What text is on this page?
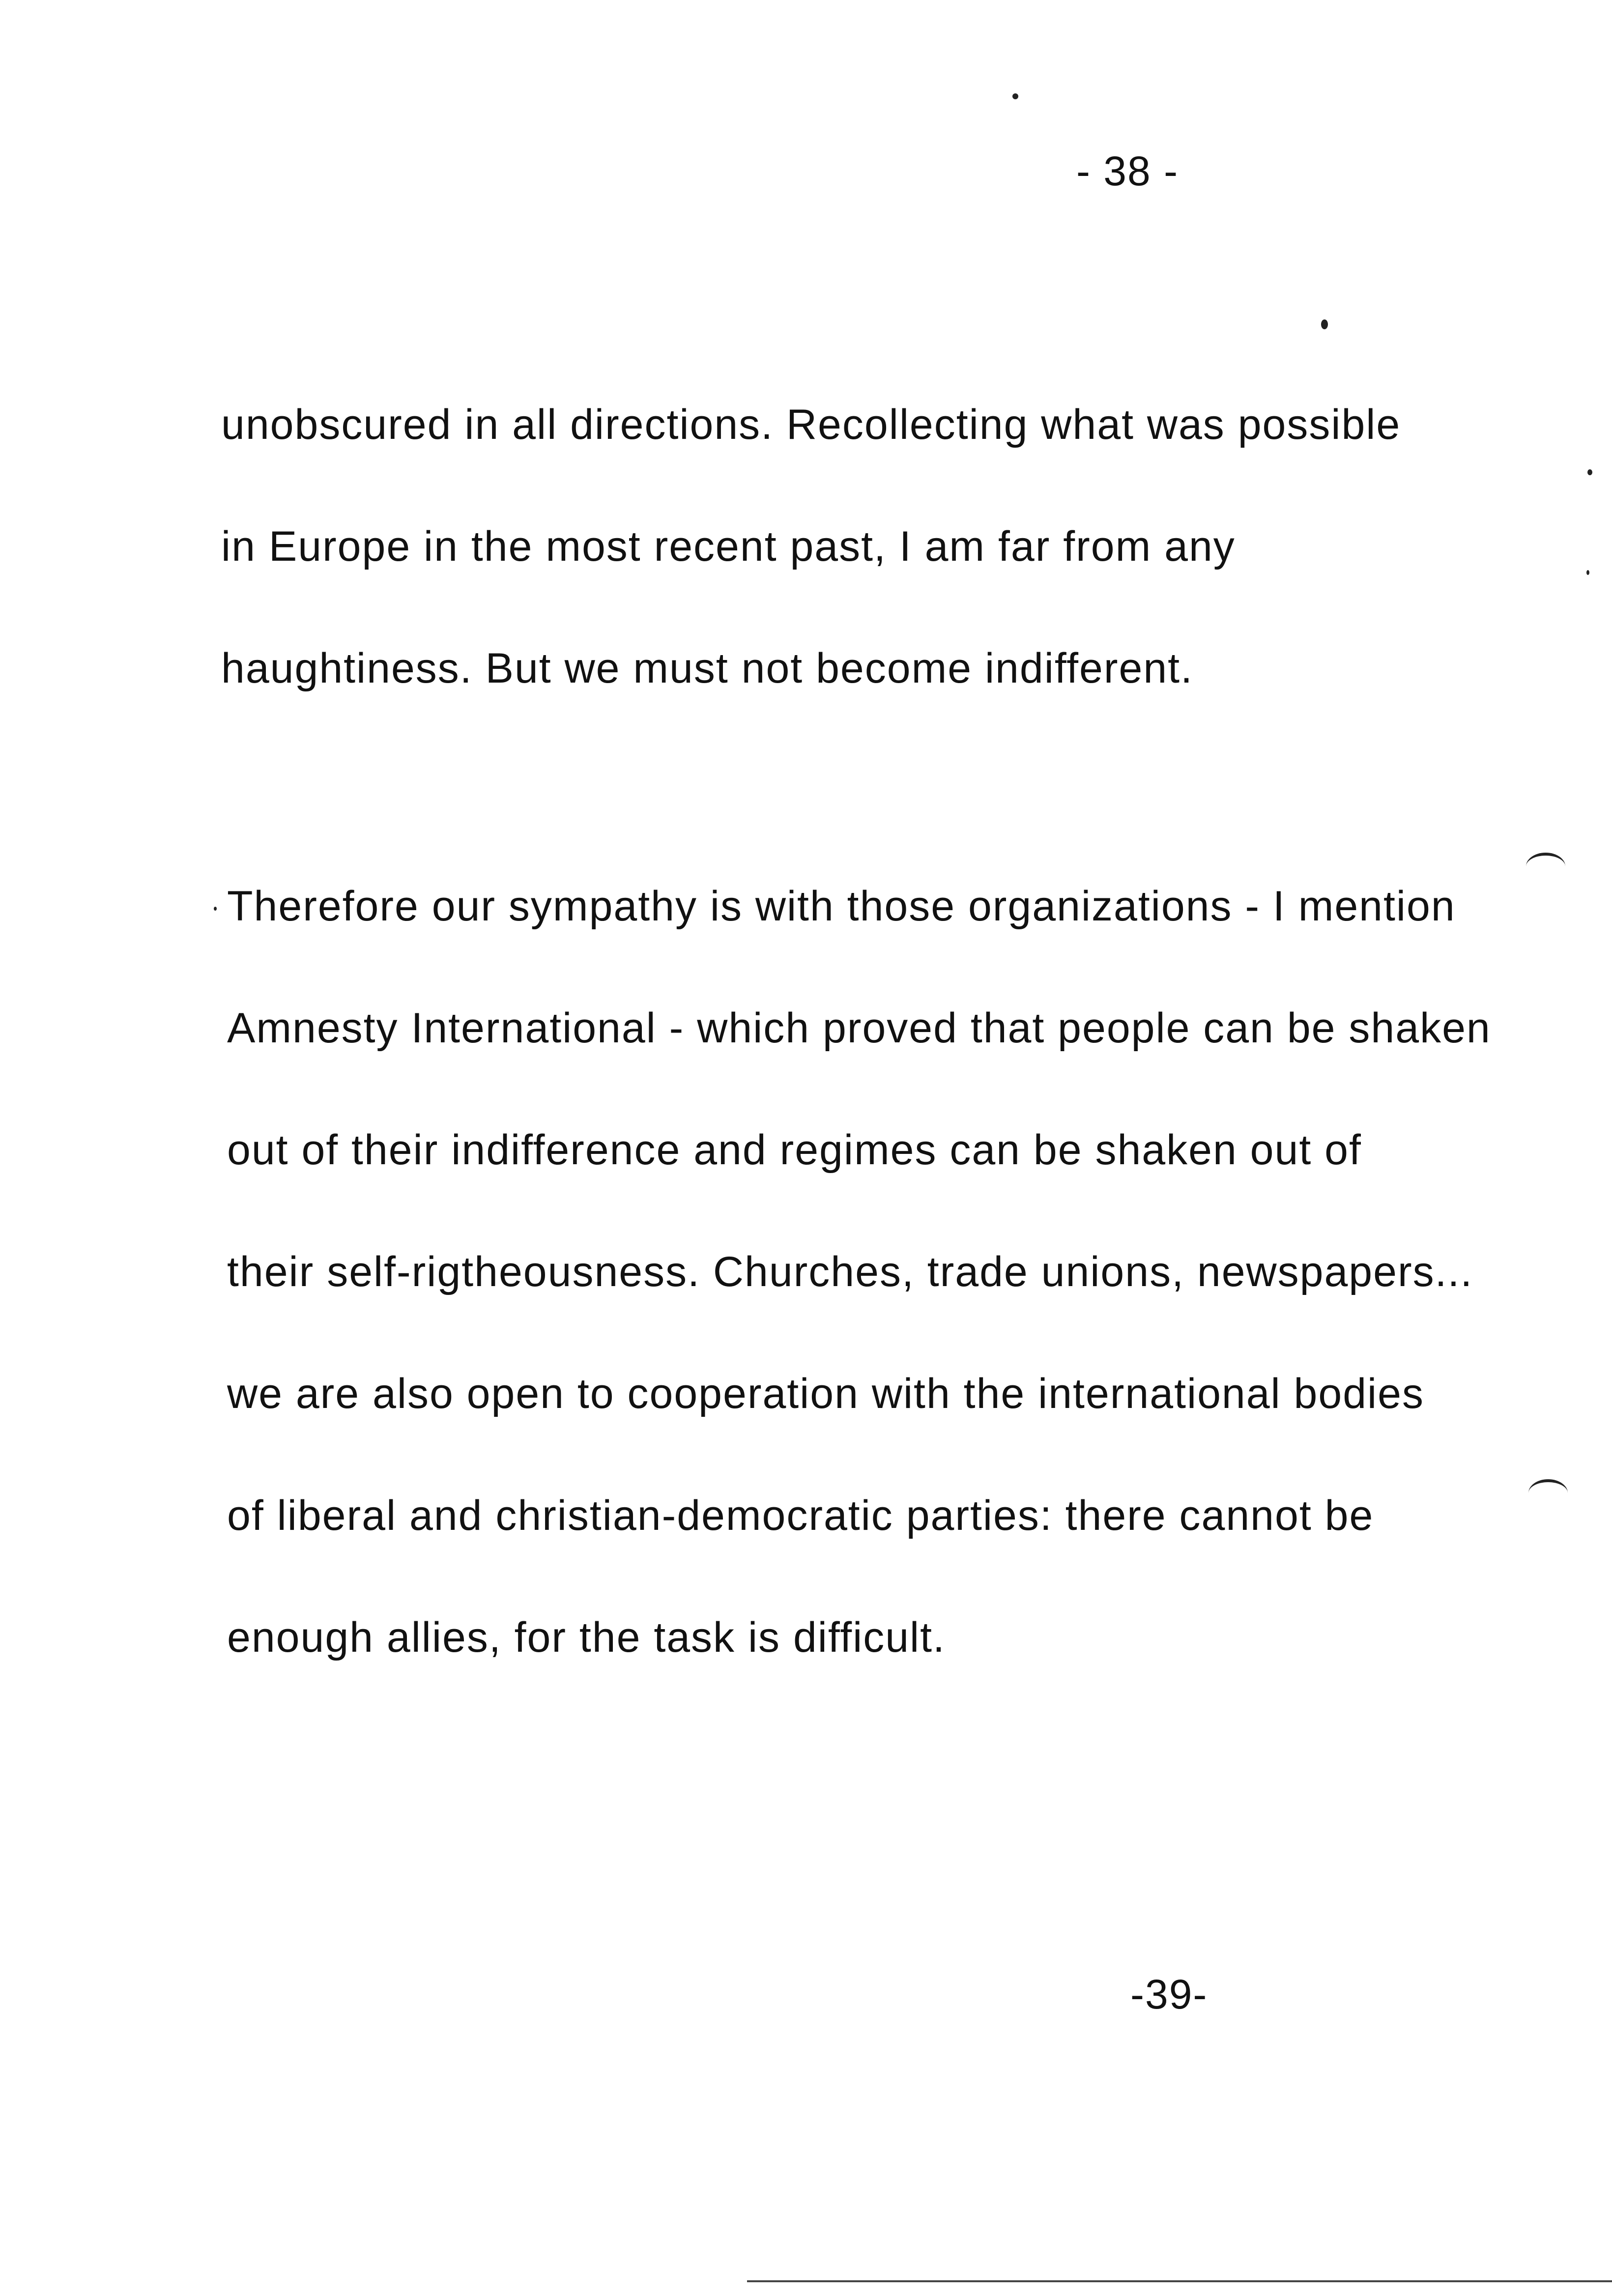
- 38 -
unobscured in all directions. Recollecting what was possible
in Europe in the most recent past, I am far from any
haughtiness. But we must not become indifferent.
Therefore our sympathy is with those organizations - I mention
Amnesty International - which proved that people can be shaken
out of their indifference and regimes can be shaken out of
their self-rigtheousness. Churches, trade unions, newspapers...
we are also open to cooperation with the international bodies
of liberal and christian-democratic parties: there cannot be
enough allies, for the task is difficult.
-39-
